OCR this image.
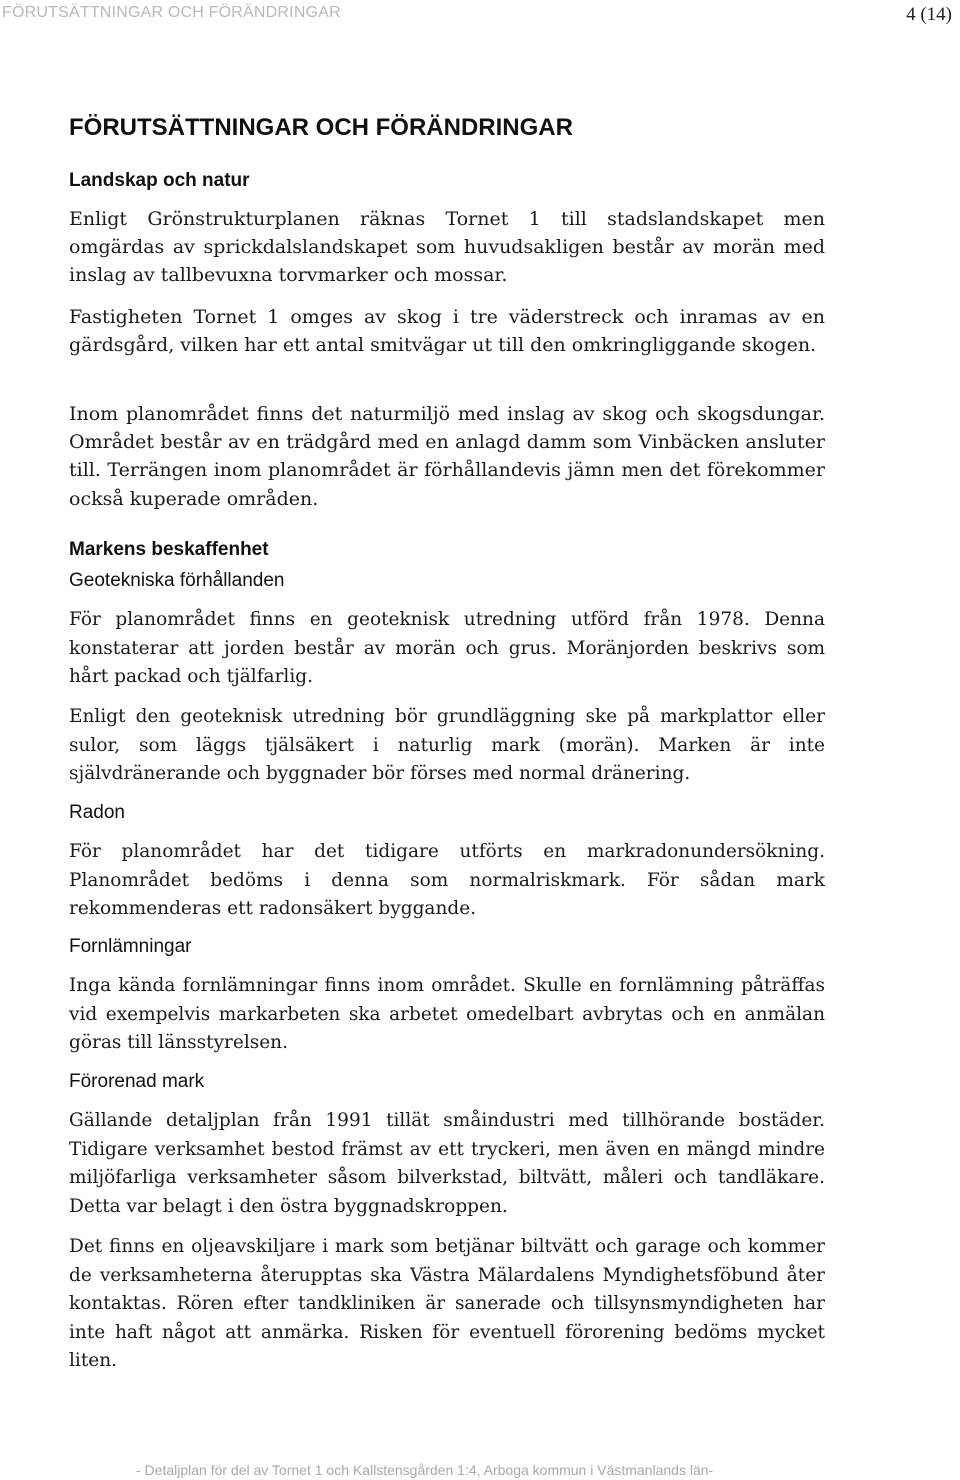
FÖRUTSÄTTNINGAR OCH FÖRÄNDRINGAR	4 (14)
FÖRUTSÄTTNINGAR OCH FÖRÄNDRINGAR
Landskap och natur

Enligt Grönstrukturplanen räknas Tornet 1 till stadslandskapet men omgärdas av sprickdalslandskapet som huvudsakligen består av morän med inslag av tallbevuxna torvmarker och mossar.

Fastigheten Tornet 1 omges av skog i tre väderstreck och inramas av en gärdsgård, vilken har ett antal smitvägar ut till den omkringliggande skogen.

Inom planområdet finns det naturmiljö med inslag av skog och skogsdungar. Området består av en trädgård med en anlagd damm som Vinbäcken ansluter till. Terrängen inom planområdet är förhållandevis jämn men det förekommer också kuperade områden.

Markens beskaffenhet
Geotekniska förhållanden

För planområdet finns en geoteknisk utredning utförd från 1978. Denna konstaterar att jorden består av morän och grus. Moränjorden beskrivs som hårt packad och tjälfarlig.

Enligt den geoteknisk utredning bör grundläggning ske på markplattor eller sulor, som läggs tjälsäkert i naturlig mark (morän). Marken är inte självdränerande och byggnader bör förses med normal dränering.

Radon

För planområdet har det tidigare utförts en markradonundersökning. Planområdet bedöms i denna som normalriskmark. För sådan mark rekommenderas ett radonsäkert byggande.

Fornlämningar

Inga kända fornlämningar finns inom området. Skulle en fornlämning påträffas vid exempelvis markarbeten ska arbetet omedelbart avbrytas och en anmälan göras till länsstyrelsen.

Förorenad mark

Gällande detaljplan från 1991 tillät småindustri med tillhörande bostäder. Tidigare verksamhet bestod främst av ett tryckeri, men även en mängd mindre miljöfarliga verksamheter såsom bilverkstad, biltvätt, måleri och tandläkare. Detta var belagt i den östra byggnadskroppen.

Det finns en oljeavskiljare i mark som betjänar biltvätt och garage och kommer de verksamheterna återupptas ska Västra Mälardalens Myndighetsföbund åter kontaktas. Rören efter tandkliniken är sanerade och tillsynsmyndigheten har inte haft något att anmärka. Risken för eventuell förorening bedöms mycket liten.

- Detaljplan för del av Tornet 1 och Kallstensgården 1:4, Arboga kommun i Västmanlands län-
